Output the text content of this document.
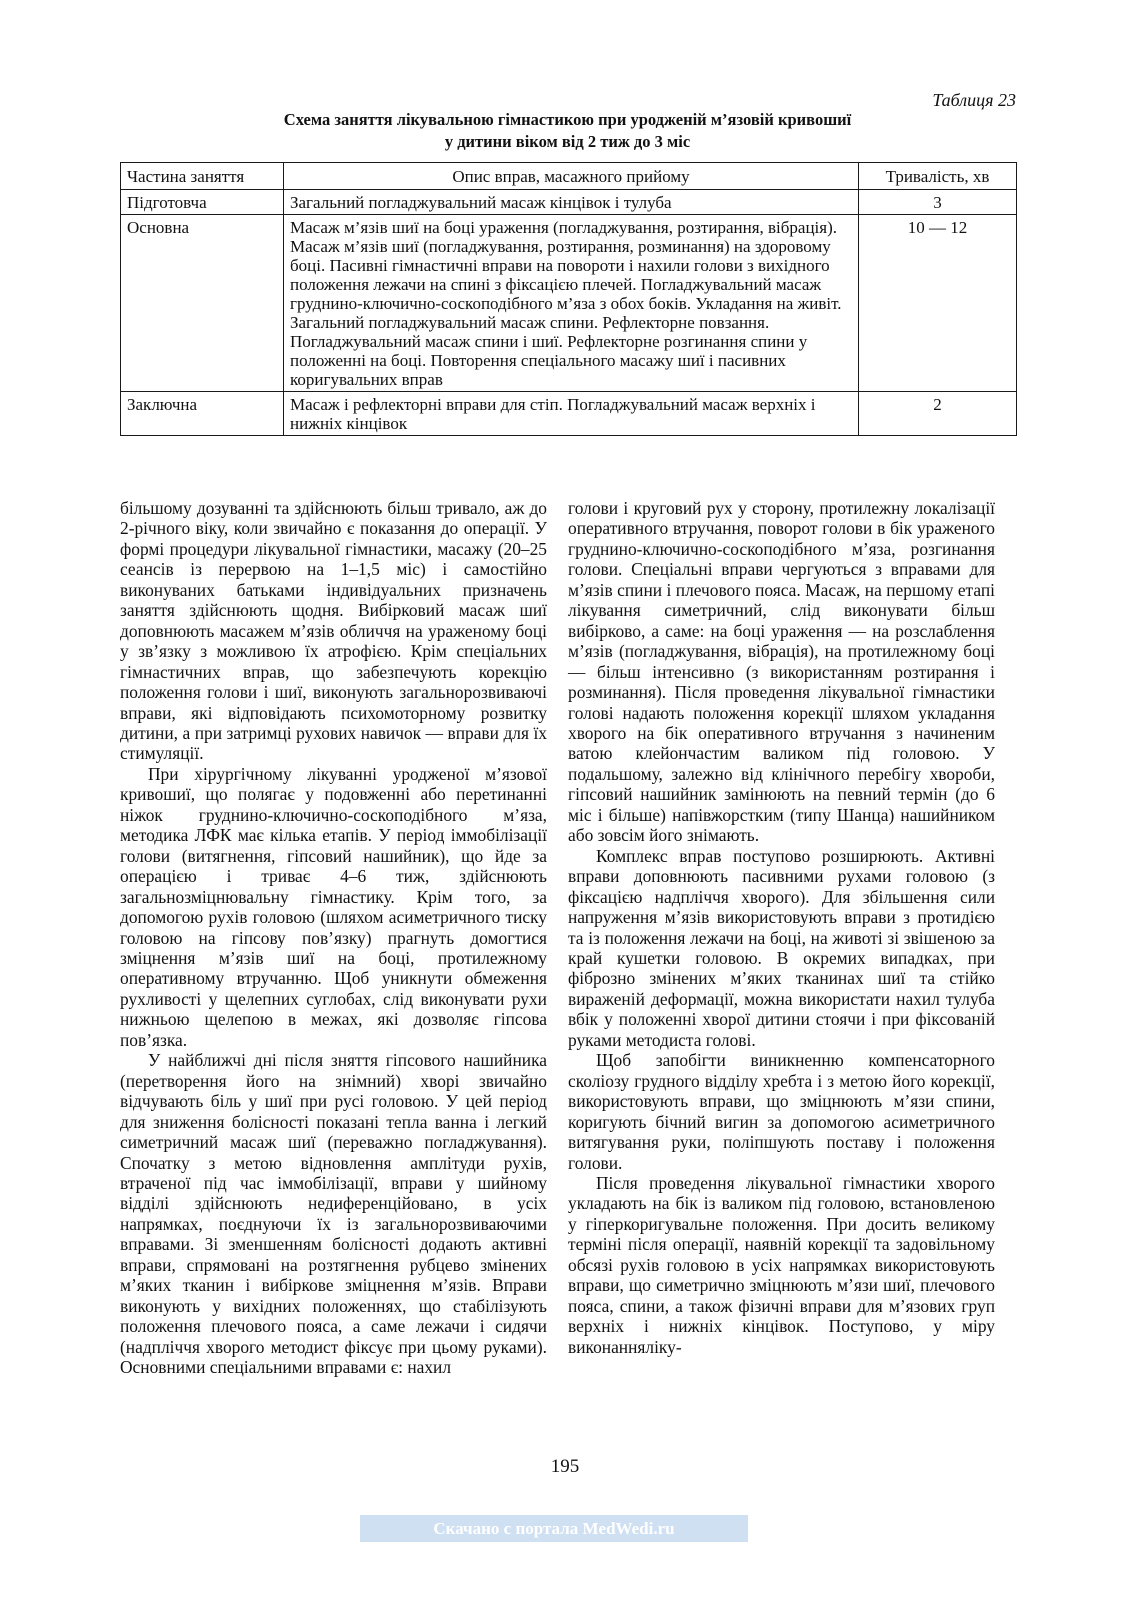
Таблиця 23
Схема заняття лікувальною гімнастикою при уродженій м’язовій кривошиї
у дитини віком від 2 тиж до 3 міс
Частина заняття	Опис вправ, масажного прийому	Тривалість, хв
Підготовча	Загальний погладжувальний масаж кінцівок і тулуба	3
Основна	Масаж м’язів шиї на боці ураження (погладжування, розтирання, вібрація). Масаж м’язів шиї (погладжування, розтирання, розминання) на здоровому боці. Пасивні гімнастичні вправи на повороти і нахили голови з вихідного положення лежачи на спині з фіксацією плечей. Погладжувальний масаж груднино-ключично-соскоподібного м’яза з обох боків. Укладання на живіт. Загальний погладжувальний масаж спини. Рефлекторне повзання. Погладжувальний масаж спини і шиї. Рефлекторне розгинання спини у положенні на боці. Повторення спеціального масажу шиї і пасивних коригувальних вправ	10 — 12
Заключна	Масаж і рефлекторні вправи для стіп. Погладжувальний масаж верхніх і нижніх кінцівок	2

більшому дозуванні та здійснюють більш тривало, аж до 2-річного віку, коли звичайно є показання до операції. У формі процедури лікувальної гімнастики, масажу (20–25 сеансів із перервою на 1–1,5 міс) і самостійно виконуваних батьками індивідуальних призначень заняття здійснюють щодня. Вибірковий масаж шиї доповнюють масажем м’язів обличчя на ураженому боці у зв’язку з можливою їх атрофією. Крім спеціальних гімнастичних вправ, що забезпечують корекцію положення голови і шиї, виконують загальнорозвиваючі вправи, які відповідають психомоторному розвитку дитини, а при затримці рухових навичок — вправи для їх стимуляції.

При хірургічному лікуванні уродженої м’язової кривошиї, що полягає у подовженні або перетинанні ніжок груднино-ключично-соскоподібного м’яза, методика ЛФК має кілька етапів. У період іммобілізації голови (витягнення, гіпсовий нашийник), що йде за операцією і триває 4–6 тиж, здійснюють загальнозміцнювальну гімнастику. Крім того, за допомогою рухів головою (шляхом асиметричного тиску головою на гіпсову пов’язку) прагнуть домогтися зміцнення м’язів шиї на боці, протилежному оперативному втручанню. Щоб уникнути обмеження рухливості у щелепних суглобах, слід виконувати рухи нижньою щелепою в межах, які дозволяє гіпсова пов’язка.

У найближчі дні після зняття гіпсового нашийника (перетворення його на знімний) хворі звичайно відчувають біль у шиї при русі головою. У цей період для зниження болісності показані тепла ванна і легкий симетричний масаж шиї (переважно погладжування). Спочатку з метою відновлення амплітуди рухів, втраченої під час іммобілізації, вправи у шийному відділі здійснюють недиференційовано, в усіх напрямках, поєднуючи їх із загальнорозвиваючими вправами. Зі зменшенням болісності додають активні вправи, спрямовані на розтягнення рубцево змінених м’яких тканин і вибіркове зміцнення м’язів. Вправи виконують у вихідних положеннях, що стабілізують положення плечового пояса, а саме лежачи і сидячи (надпліччя хворого методист фіксує при цьому руками). Основними спеціальними вправами є: нахил

голови і круговий рух у сторону, протилежну локалізації оперативного втручання, поворот голови в бік ураженого груднино-ключично-соскоподібного м’яза, розгинання голови. Спеціальні вправи чергуються з вправами для м’язів спини і плечового пояса. Масаж, на першому етапі лікування симетричний, слід виконувати більш вибірково, а саме: на боці ураження — на розслаблення м’язів (погладжування, вібрація), на протилежному боці — більш інтенсивно (з використанням розтирання і розминання). Після проведення лікувальної гімнастики голові надають положення корекції шляхом укладання хворого на бік оперативного втручання з начиненим ватою клейончастим валиком під головою. У подальшому, залежно від клінічного перебігу хвороби, гіпсовий нашийник замінюють на певний термін (до 6 міс і більше) напівжорстким (типу Шанца) нашийником або зовсім його знімають.

Комплекс вправ поступово розширюють. Активні вправи доповнюють пасивними рухами головою (з фіксацією надпліччя хворого). Для збільшення сили напруження м’язів використовують вправи з протидією та із положення лежачи на боці, на животі зі звішеною за край кушетки головою. В окремих випадках, при фіброзно змінених м’яких тканинах шиї та стійко вираженій деформації, можна використати нахил тулуба вбік у положенні хворої дитини стоячи і при фіксованій руками методиста голові.

Щоб запобігти виникненню компенсаторного сколіозу грудного відділу хребта і з метою його корекції, використовують вправи, що зміцнюють м’язи спини, коригують бічний вигин за допомогою асиметричного витягування руки, поліпшують поставу і положення голови.

Після проведення лікувальної гімнастики хворого укладають на бік із валиком під головою, встановленою у гіперкоригувальне положення. При досить великому терміні після операції, наявній корекції та задовільному обсязі рухів головою в усіх напрямках використовують вправи, що симетрично зміцнюють м’язи шиї, плечового пояса, спини, а також фізичні вправи для м’язових груп верхніх і нижніх кінцівок. Поступово, у міру виконанняліку-

195
Скачано с портала MedWedi.ru
